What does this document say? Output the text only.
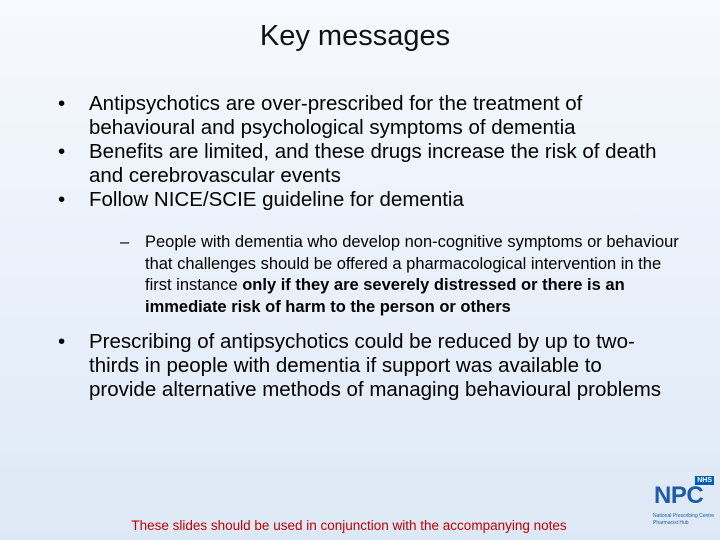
Key messages
• Antipsychotics are over-prescribed for the treatment of behavioural and psychological symptoms of dementia
• Benefits are limited, and these drugs increase the risk of death and cerebrovascular events
• Follow NICE/SCIE guideline for dementia
– People with dementia who develop non-cognitive symptoms or behaviour that challenges should be offered a pharmacological intervention in the first instance only if they are severely distressed or there is an immediate risk of harm to the person or others
• Prescribing of antipsychotics could be reduced by up to two-thirds in people with dementia if support was available to provide alternative methods of managing behavioural problems
These slides should be used in conjunction with the accompanying notes
NHS
NPC
National Prescribing Centre
Pharmacist Hub
